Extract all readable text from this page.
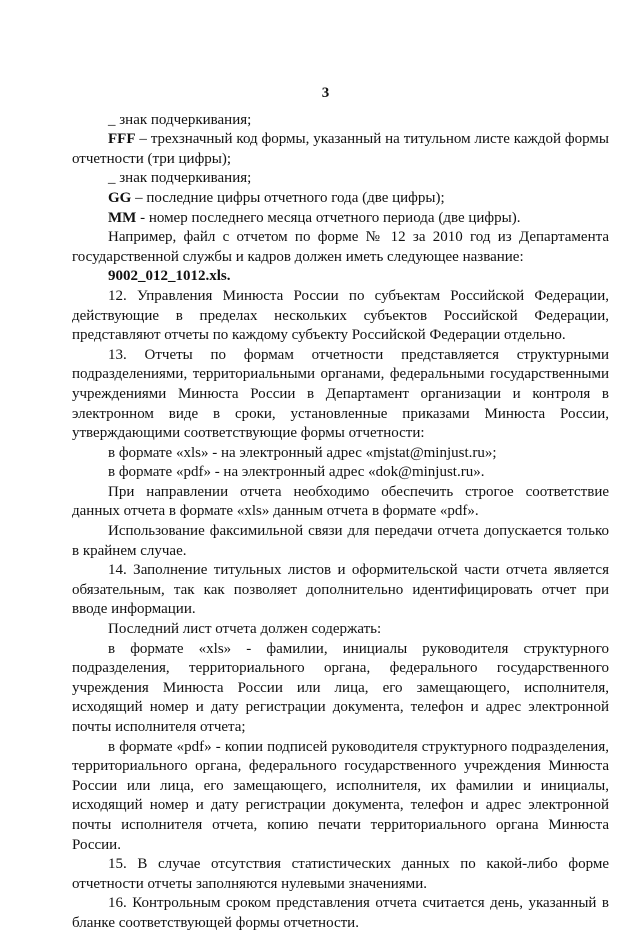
3

_ знак подчеркивания;

FFF – трехзначный код формы, указанный на титульном листе каждой формы отчетности (три цифры);

_ знак подчеркивания;

GG – последние цифры отчетного года (две цифры);

MM - номер последнего месяца отчетного периода (две цифры).

Например, файл с отчетом по форме № 12 за 2010 год из Департамента государственной службы и кадров должен иметь следующее название:

9002_012_1012.xls.

12. Управления Минюста России по субъектам Российской Федерации, действующие в пределах нескольких субъектов Российской Федерации, представляют отчеты по каждому субъекту Российской Федерации отдельно.

13. Отчеты по формам отчетности представляется структурными подразделениями, территориальными органами, федеральными государственными учреждениями Минюста России в Департамент организации и контроля в электронном виде в сроки, установленные приказами Минюста России, утверждающими соответствующие формы отчетности:

в формате «xls» - на электронный адрес «mjstat@minjust.ru»;

в формате «pdf» - на электронный адрес «dok@minjust.ru».

При направлении отчета необходимо обеспечить строгое соответствие данных отчета в формате «xls» данным отчета в формате «pdf».

Использование факсимильной связи для передачи отчета допускается только в крайнем случае.

14. Заполнение титульных листов и оформительской части отчета является обязательным, так как позволяет дополнительно идентифицировать отчет при вводе информации.

Последний лист отчета должен содержать:

в формате «xls» - фамилии, инициалы руководителя структурного подразделения, территориального органа, федерального государственного учреждения Минюста России или лица, его замещающего, исполнителя, исходящий номер и дату регистрации документа, телефон и адрес электронной почты исполнителя отчета;

в формате «pdf» - копии подписей руководителя структурного подразделения, территориального органа, федерального государственного учреждения Минюста России или лица, его замещающего, исполнителя, их фамилии и инициалы, исходящий номер и дату регистрации документа, телефон и адрес электронной почты исполнителя отчета, копию печати территориального органа Минюста России.

15. В случае отсутствия статистических данных по какой-либо форме отчетности отчеты заполняются нулевыми значениями.

16. Контрольным сроком представления отчета считается день, указанный в бланке соответствующей формы отчетности.
